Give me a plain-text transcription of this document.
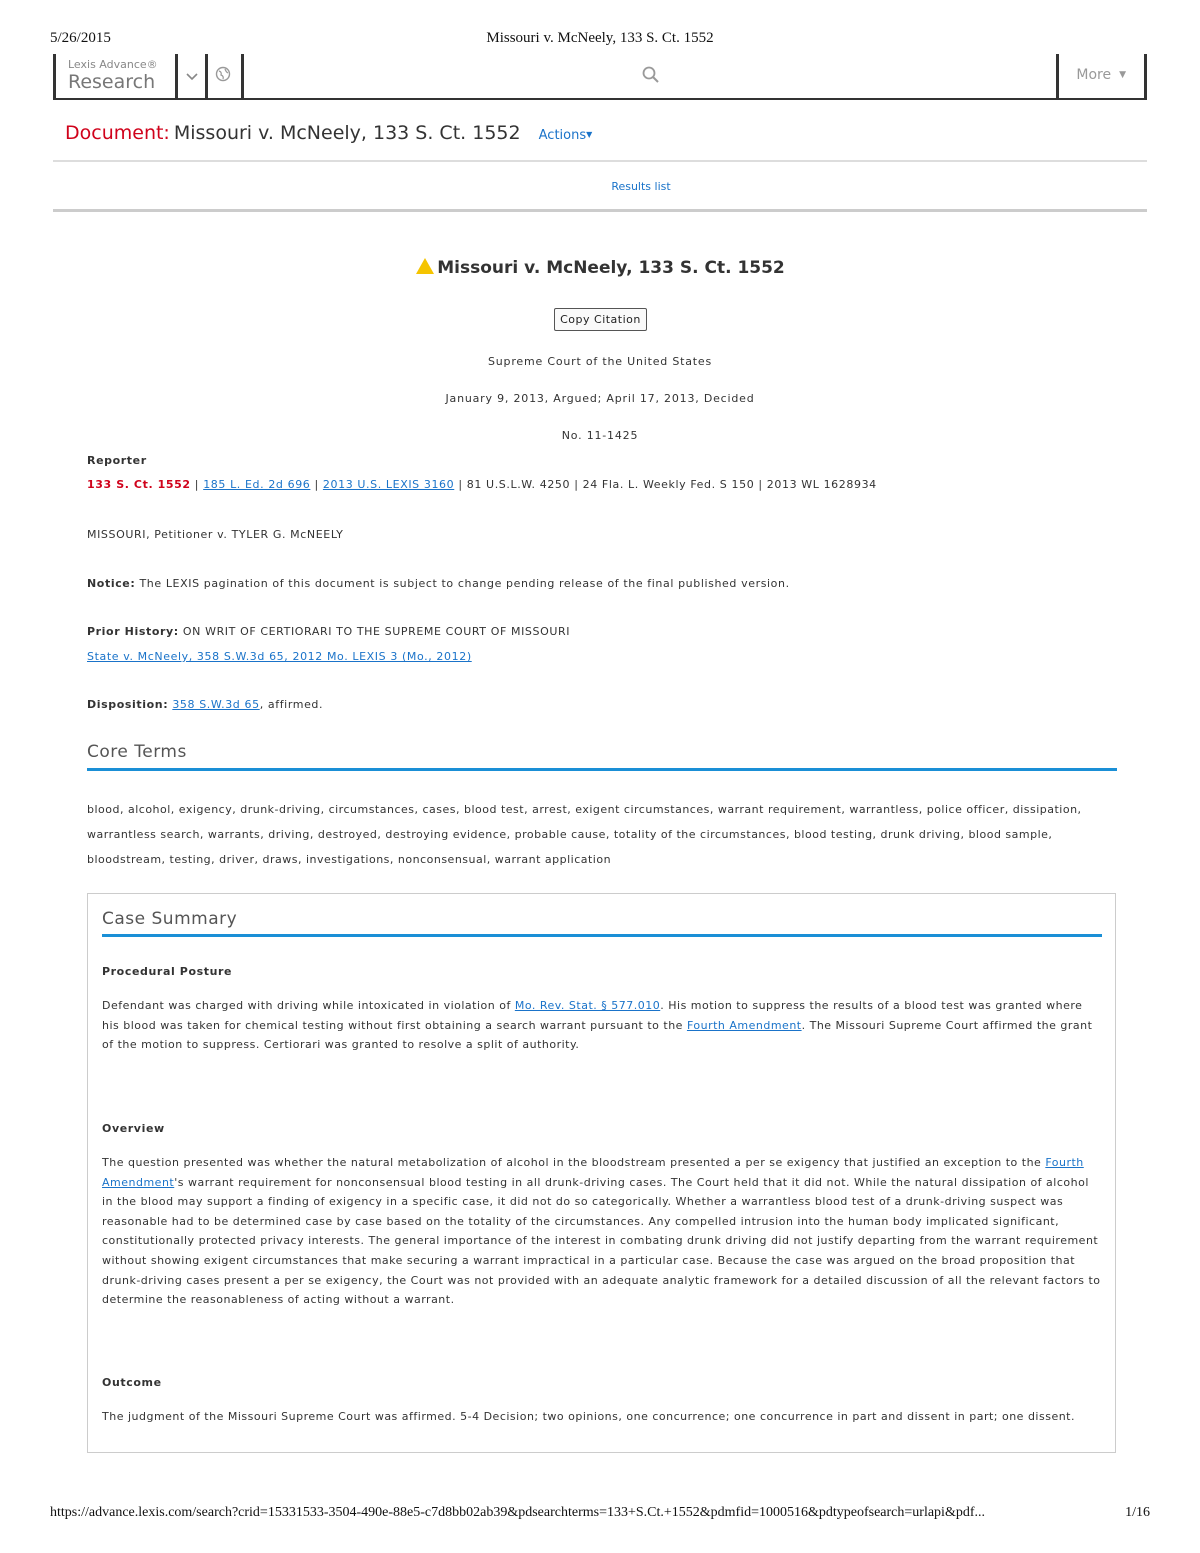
5/26/2015	Missouri v. McNeely, 133 S. Ct. 1552
Lexis Advance®
Research	More ▼
Document: Missouri v. McNeely, 133 S. Ct. 1552 Actions▼
Results list
Missouri v. McNeely, 133 S. Ct. 1552
Copy Citation
Supreme Court of the United States
January 9, 2013, Argued; April 17, 2013, Decided
No. 11-1425
Reporter
133 S. Ct. 1552 | 185 L. Ed. 2d 696 | 2013 U.S. LEXIS 3160 | 81 U.S.L.W. 4250 | 24 Fla. L. Weekly Fed. S 150 | 2013 WL 1628934
MISSOURI, Petitioner v. TYLER G. McNEELY
Notice: The LEXIS pagination of this document is subject to change pending release of the final published version.
Prior History: ON WRIT OF CERTIORARI TO THE SUPREME COURT OF MISSOURI
State v. McNeely, 358 S.W.3d 65, 2012 Mo. LEXIS 3 (Mo., 2012)
Disposition: 358 S.W.3d 65, affirmed.
Core Terms
blood, alcohol, exigency, drunk-driving, circumstances, cases, blood test, arrest, exigent circumstances, warrant requirement, warrantless, police officer, dissipation, warrantless search, warrants, driving, destroyed, destroying evidence, probable cause, totality of the circumstances, blood testing, drunk driving, blood sample, bloodstream, testing, driver, draws, investigations, nonconsensual, warrant application
Case Summary
Procedural Posture
Defendant was charged with driving while intoxicated in violation of Mo. Rev. Stat. § 577.010. His motion to suppress the results of a blood test was granted where his blood was taken for chemical testing without first obtaining a search warrant pursuant to the Fourth Amendment. The Missouri Supreme Court affirmed the grant of the motion to suppress. Certiorari was granted to resolve a split of authority.
Overview
The question presented was whether the natural metabolization of alcohol in the bloodstream presented a per se exigency that justified an exception to the Fourth Amendment's warrant requirement for nonconsensual blood testing in all drunk-driving cases. The Court held that it did not. While the natural dissipation of alcohol in the blood may support a finding of exigency in a specific case, it did not do so categorically. Whether a warrantless blood test of a drunk-driving suspect was reasonable had to be determined case by case based on the totality of the circumstances. Any compelled intrusion into the human body implicated significant, constitutionally protected privacy interests. The general importance of the interest in combating drunk driving did not justify departing from the warrant requirement without showing exigent circumstances that make securing a warrant impractical in a particular case. Because the case was argued on the broad proposition that drunk-driving cases present a per se exigency, the Court was not provided with an adequate analytic framework for a detailed discussion of all the relevant factors to determine the reasonableness of acting without a warrant.
Outcome
The judgment of the Missouri Supreme Court was affirmed. 5-4 Decision; two opinions, one concurrence; one concurrence in part and dissent in part; one dissent.
https://advance.lexis.com/search?crid=15331533-3504-490e-88e5-c7d8bb02ab39&pdsearchterms=133+S.Ct.+1552&pdmfid=1000516&pdtypeofsearch=urlapi&pdf...	1/16
